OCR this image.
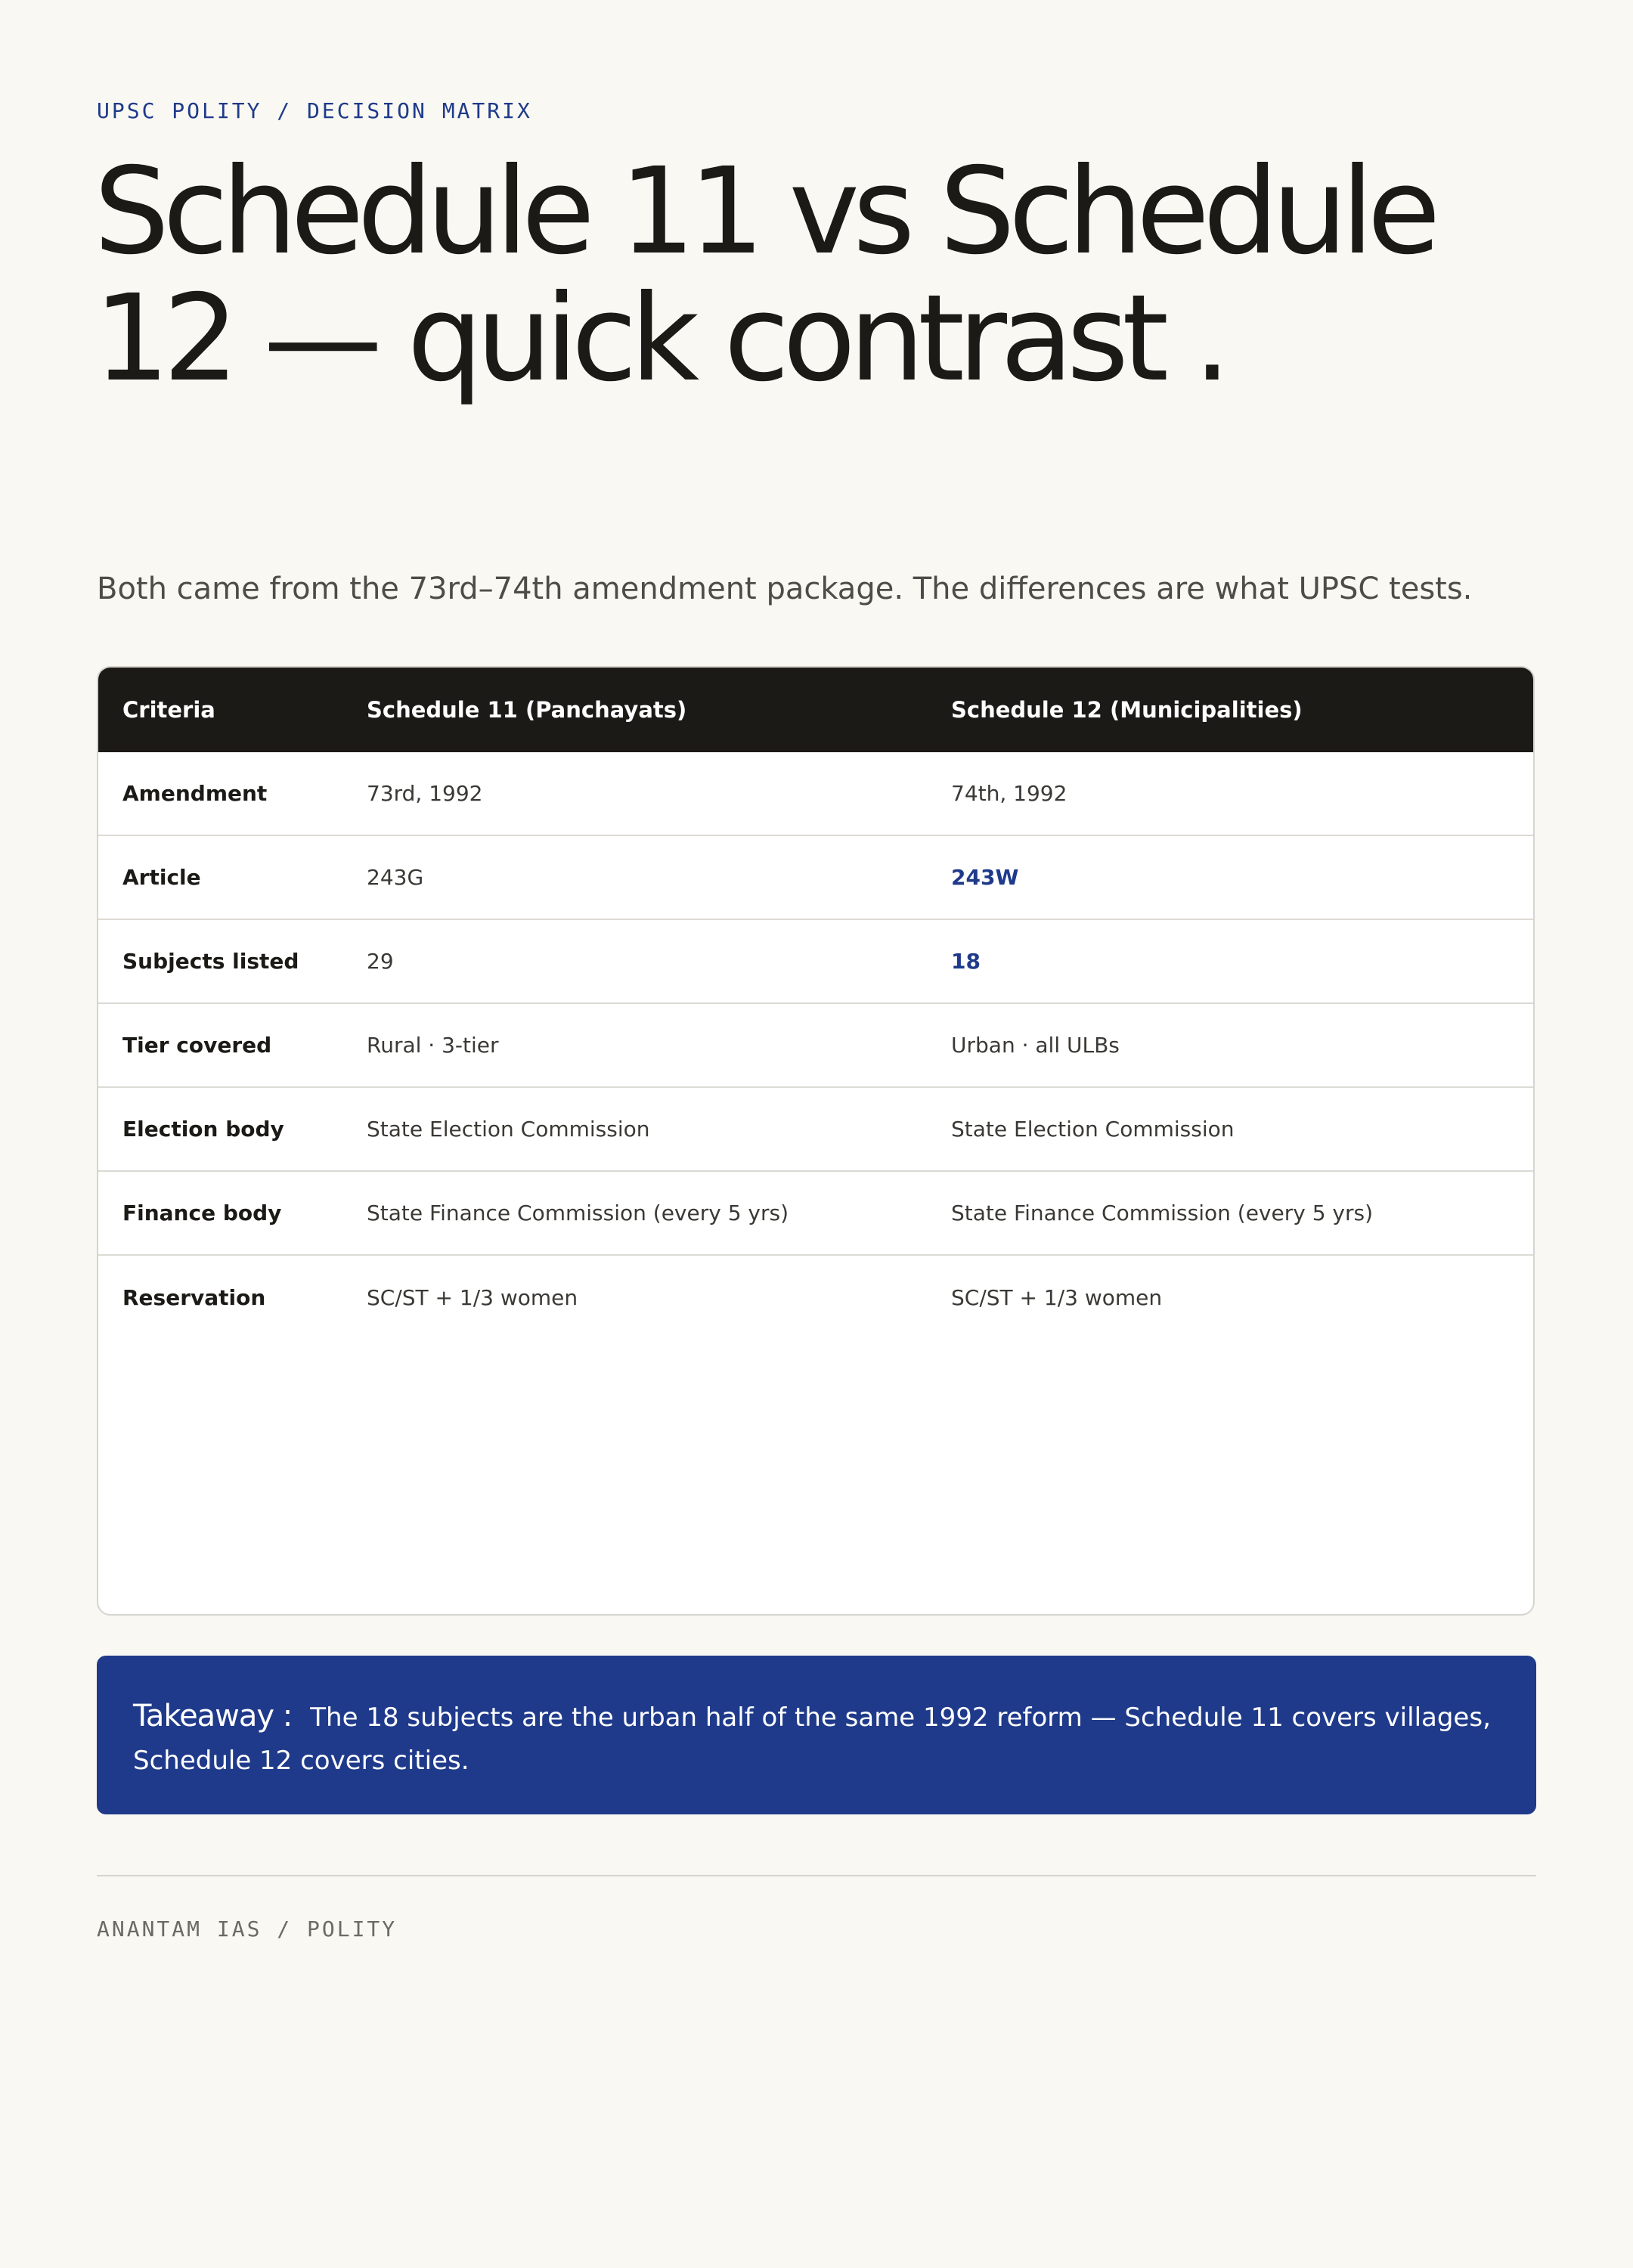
UPSC POLITY / DECISION MATRIX
Schedule 11 vs Schedule 12 — quick contrast .
Both came from the 73rd–74th amendment package. The differences are what UPSC tests.
Criteria	Schedule 11 (Panchayats)	Schedule 12 (Municipalities)
Amendment	73rd, 1992	74th, 1992
Article	243G	243W
Subjects listed	29	18
Tier covered	Rural · 3-tier	Urban · all ULBs
Election body	State Election Commission	State Election Commission
Finance body	State Finance Commission (every 5 yrs)	State Finance Commission (every 5 yrs)
Reservation	SC/ST + 1/3 women	SC/ST + 1/3 women
Takeaway : The 18 subjects are the urban half of the same 1992 reform — Schedule 11 covers villages, Schedule 12 covers cities.
ANANTAM IAS / POLITY
